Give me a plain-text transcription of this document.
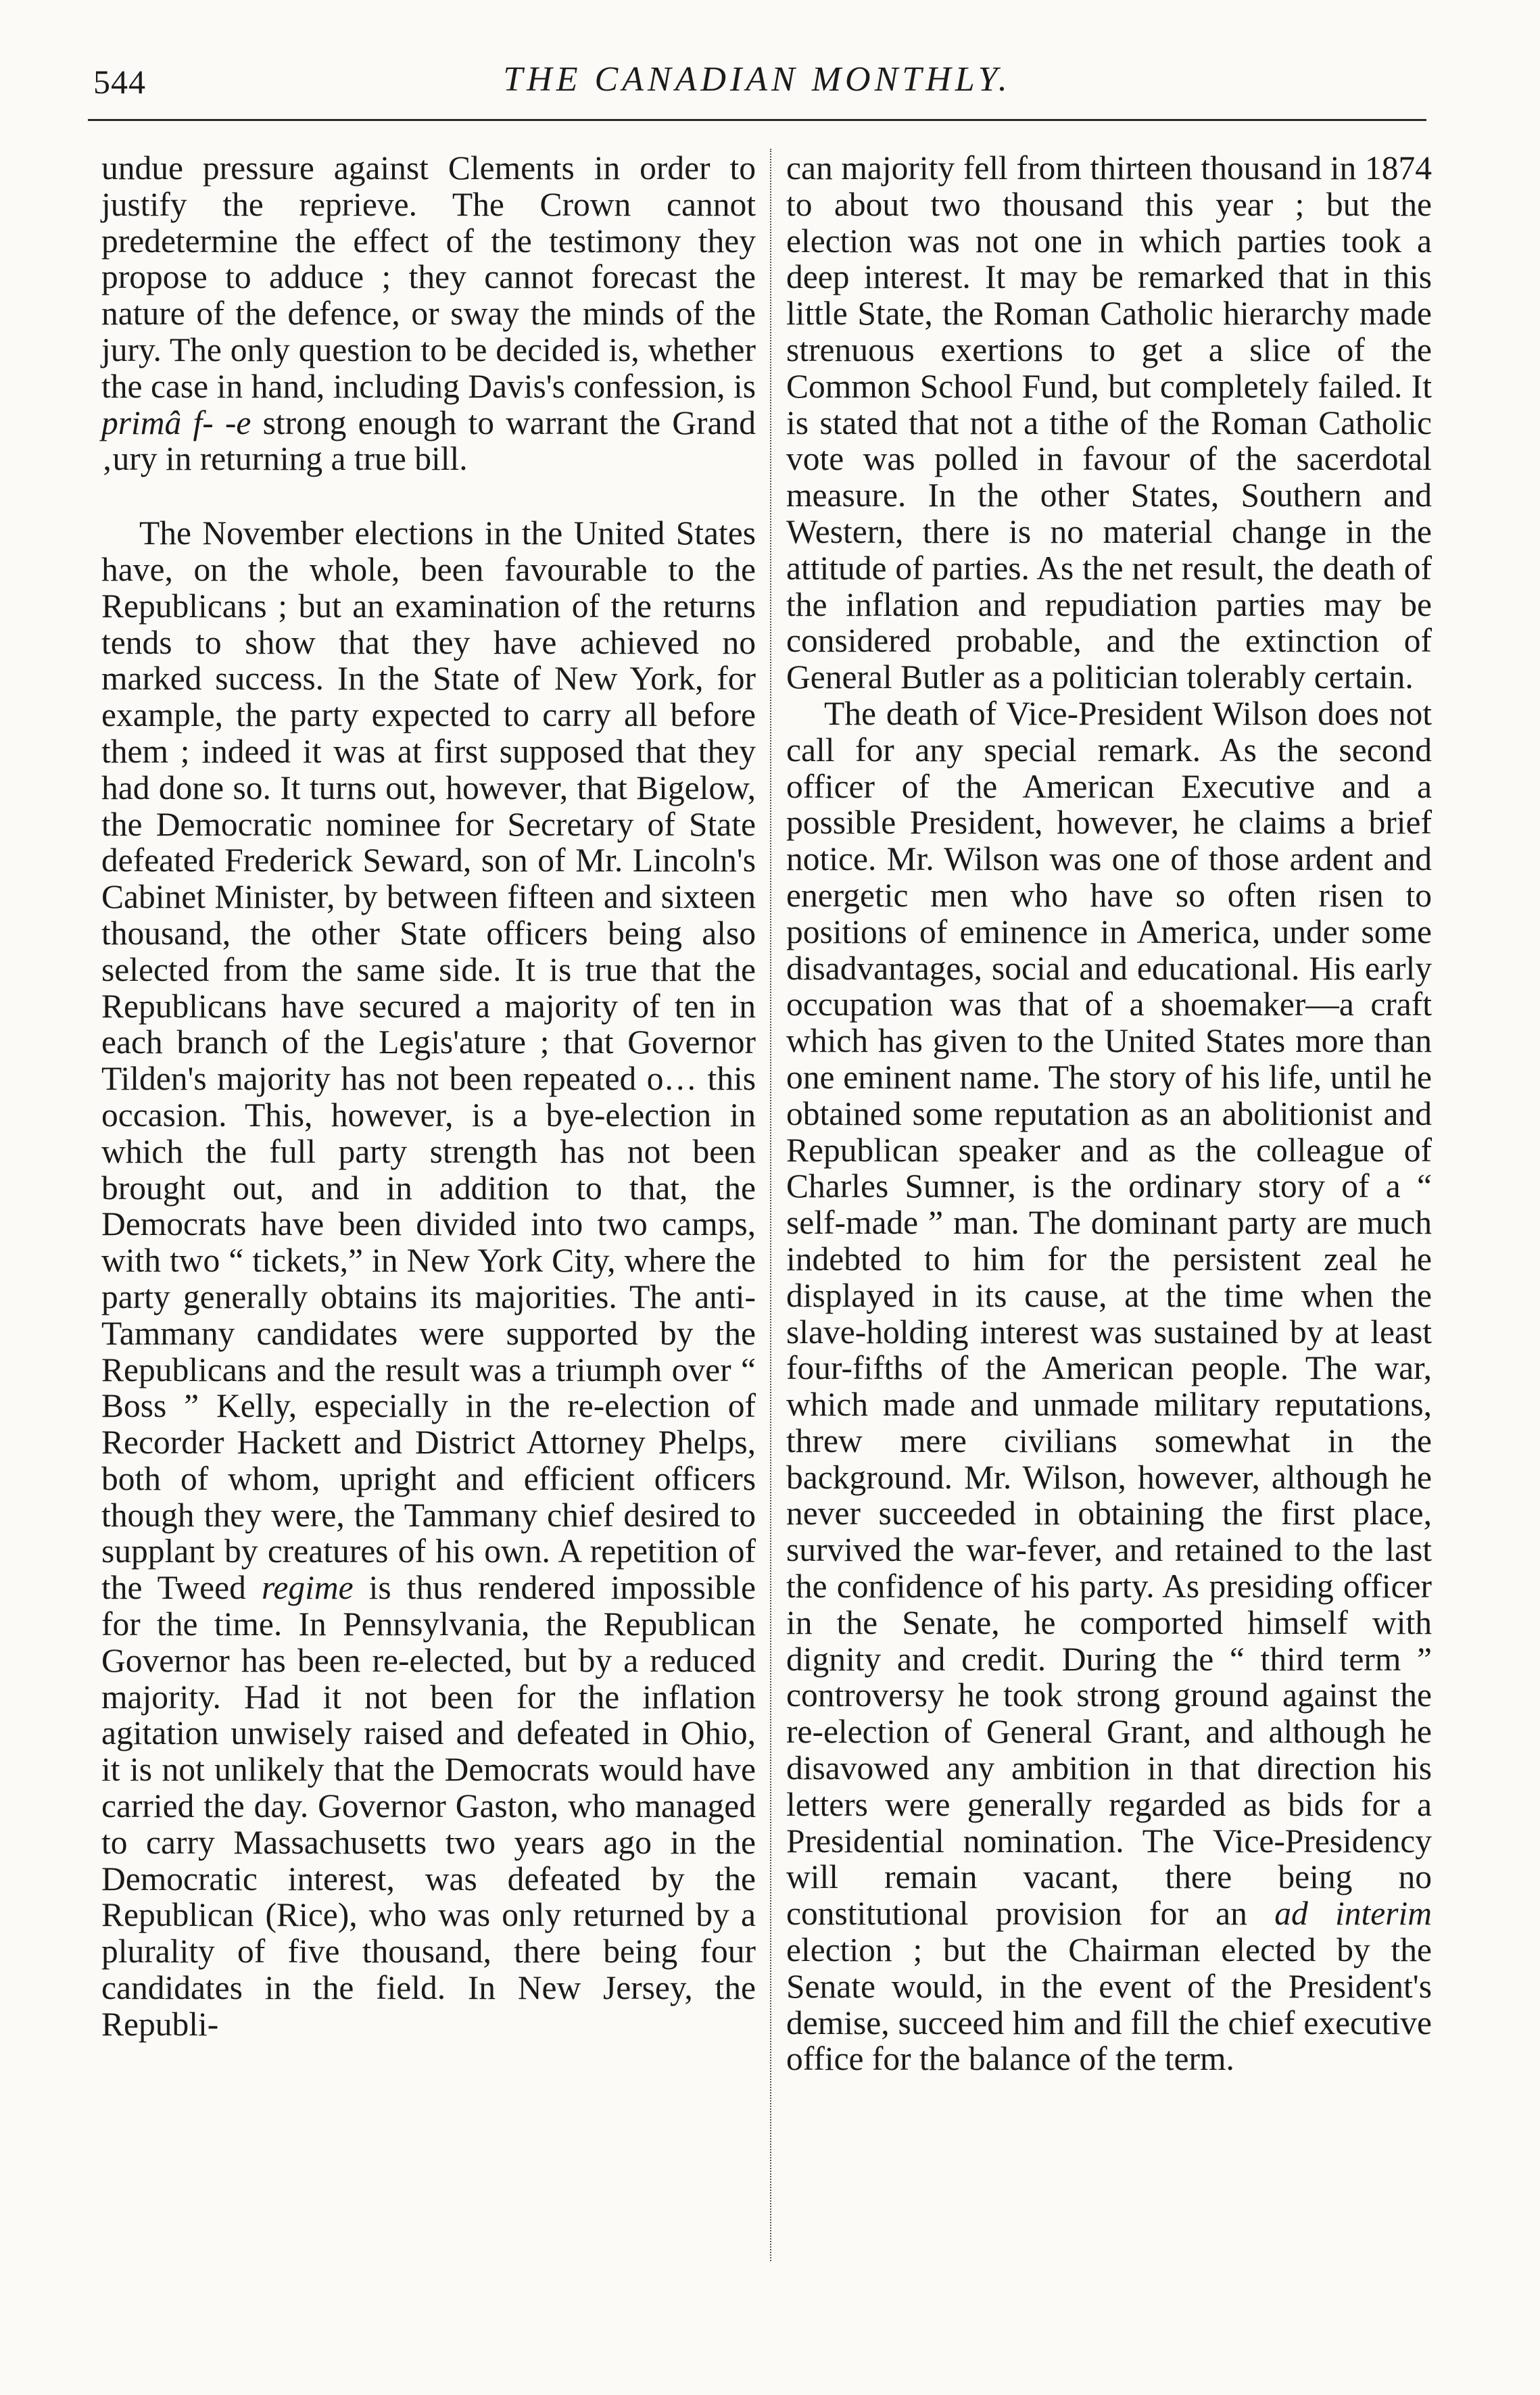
544	THE CANADIAN MONTHLY.

undue pressure against Clements in order to justify the reprieve. The Crown cannot predetermine the effect of the testimony they propose to adduce ; they cannot forecast the nature of the defence, or sway the minds of the jury. The only question to be decided is, whether the case in hand, including Davis's confession, is primâ f‑ ‑e strong enough to warrant the Grand ‚ury in returning a true bill.

The November elections in the United States have, on the whole, been favourable to the Republicans ; but an examination of the returns tends to show that they have achieved no marked success. In the State of New York, for example, the party expected to carry all before them ; indeed it was at first supposed that they had done so. It turns out, however, that Bigelow, the Democratic nominee for Secretary of State defeated Frederick Seward, son of Mr. Lincoln's Cabinet Minister, by between fifteen and sixteen thousand, the other State officers being also selected from the same side. It is true that the Republicans have secured a majority of ten in each branch of the Legis'ature ; that Governor Tilden's majority has not been repeated o… this occasion. This, however, is a bye-election in which the full party strength has not been brought out, and in addition to that, the Democrats have been divided into two camps, with two “ tickets,” in New York City, where the party generally obtains its majorities. The anti-Tammany candidates were supported by the Republicans and the result was a triumph over “ Boss ” Kelly, especially in the re-election of Recorder Hackett and District Attorney Phelps, both of whom, upright and efficient officers though they were, the Tammany chief desired to supplant by creatures of his own. A repetition of the Tweed regime is thus rendered impossible for the time. In Pennsylvania, the Republican Governor has been re-elected, but by a reduced majority. Had it not been for the inflation agitation unwisely raised and defeated in Ohio, it is not unlikely that the Democrats would have carried the day. Governor Gaston, who managed to carry Massachusetts two years ago in the Democratic interest, was defeated by the Republican (Rice), who was only returned by a plurality of five thousand, there being four candidates in the field. In New Jersey, the Republi-

can majority fell from thirteen thousand in 1874 to about two thousand this year ; but the election was not one in which parties took a deep interest. It may be remarked that in this little State, the Roman Catholic hierarchy made strenuous exertions to get a slice of the Common School Fund, but completely failed. It is stated that not a tithe of the Roman Catholic vote was polled in favour of the sacerdotal measure. In the other States, Southern and Western, there is no material change in the attitude of parties. As the net result, the death of the inflation and repudiation parties may be considered probable, and the extinction of General Butler as a politician tolerably certain.

The death of Vice-President Wilson does not call for any special remark. As the second officer of the American Executive and a possible President, however, he claims a brief notice. Mr. Wilson was one of those ardent and energetic men who have so often risen to positions of eminence in America, under some disadvantages, social and educational. His early occupation was that of a shoemaker—a craft which has given to the United States more than one eminent name. The story of his life, until he obtained some reputation as an abolitionist and Republican speaker and as the colleague of Charles Sumner, is the ordinary story of a “ self-made ” man. The dominant party are much indebted to him for the persistent zeal he displayed in its cause, at the time when the slave-holding interest was sustained by at least four-fifths of the American people. The war, which made and unmade military reputations, threw mere civilians somewhat in the background. Mr. Wilson, however, although he never succeeded in obtaining the first place, survived the war-fever, and retained to the last the confidence of his party. As presiding officer in the Senate, he comported himself with dignity and credit. During the “ third term ” controversy he took strong ground against the re-election of General Grant, and although he disavowed any ambition in that direction his letters were generally regarded as bids for a Presidential nomination. The Vice-Presidency will remain vacant, there being no constitutional provision for an ad interim election ; but the Chairman elected by the Senate would, in the event of the President's demise, succeed him and fill the chief executive office for the balance of the term.
